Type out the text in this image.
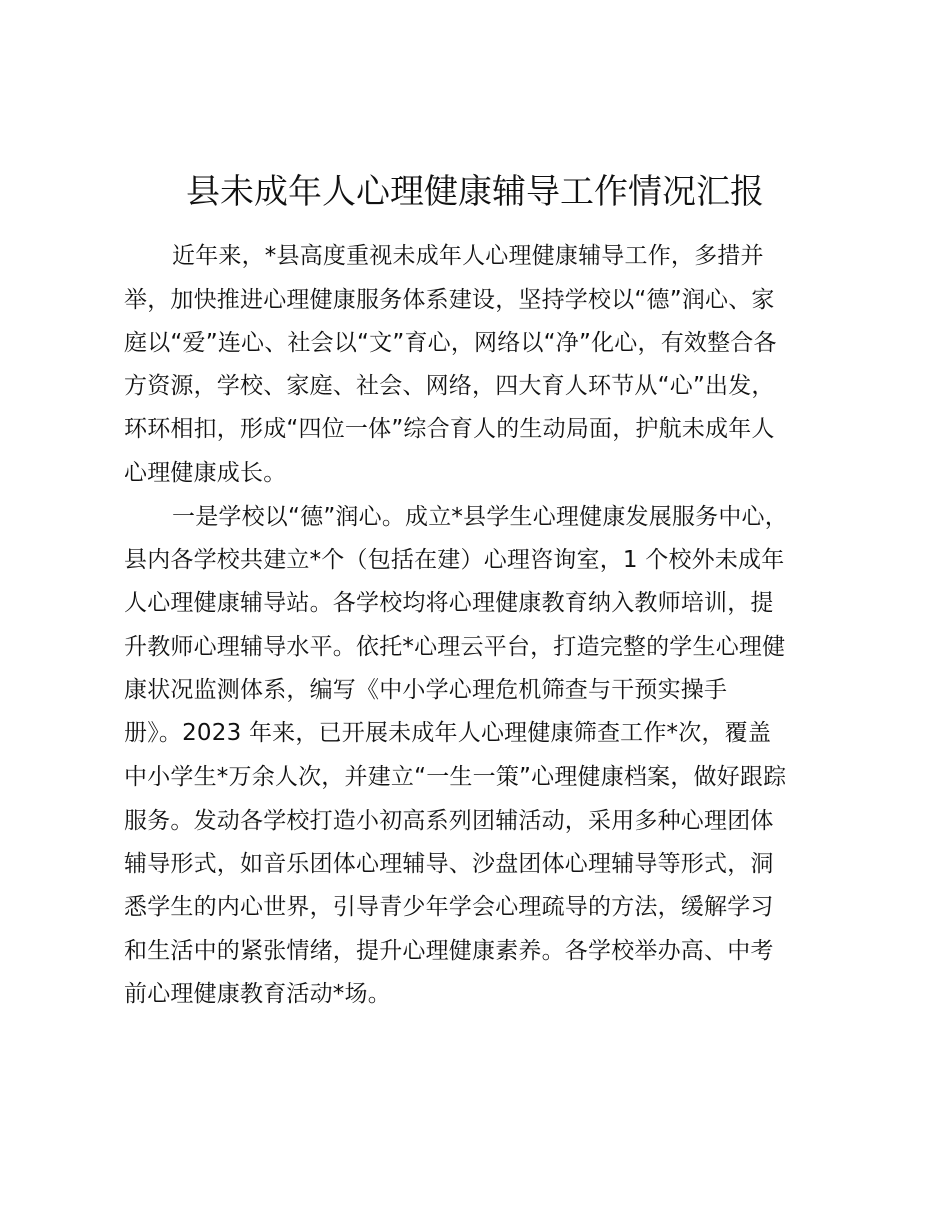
县未成年人心理健康辅导工作情况汇报
近年来，*县高度重视未成年人心理健康辅导工作，多措并
举，加快推进心理健康服务体系建设，坚持学校以“德”润心、家
庭以“爱”连心、社会以“文”育心，网络以“净”化心，有效整合各
方资源，学校、家庭、社会、网络，四大育人环节从“心”出发，
环环相扣，形成“四位一体”综合育人的生动局面，护航未成年人
心理健康成长。
一是学校以“德”润心。成立*县学生心理健康发展服务中心，
县内各学校共建立*个（包括在建）心理咨询室，1 个校外未成年
人心理健康辅导站。各学校均将心理健康教育纳入教师培训，提
升教师心理辅导水平。依托*心理云平台，打造完整的学生心理健
康状况监测体系，编写《中小学心理危机筛查与干预实操手
册》。2023 年来，已开展未成年人心理健康筛查工作*次，覆盖
中小学生*万余人次，并建立“一生一策”心理健康档案，做好跟踪
服务。发动各学校打造小初高系列团辅活动，采用多种心理团体
辅导形式，如音乐团体心理辅导、沙盘团体心理辅导等形式，洞
悉学生的内心世界，引导青少年学会心理疏导的方法，缓解学习
和生活中的紧张情绪，提升心理健康素养。各学校举办高、中考
前心理健康教育活动*场。
